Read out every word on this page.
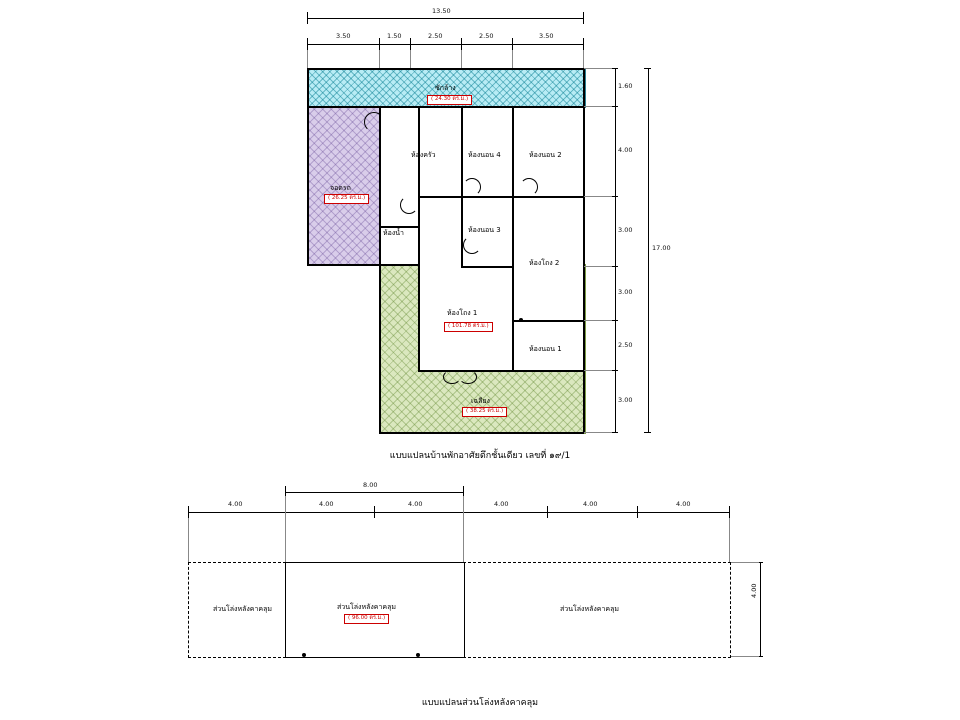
13.50
3.50	1.50	2.50	2.50	3.50
ซักล้าง
( 24.30 ตร.ม.)
จอดรถ
( 26.25 ตร.ม.)
ห้องครัว	ห้องนอน 4	ห้องนอน 2
ห้องน้ำ	ห้องนอน 3
ห้องโถง 2
ห้องโถง 1
( 101.78 ตร.ม.)
ห้องนอน 1
เฉลียง
( 38.25 ตร.ม.)
1.60
4.00
3.00
3.00
2.50
3.00
17.00
แบบแปลนบ้านพักอาศัยตึกชั้นเดียว เลขที่ ๑๙/1
8.00
4.00	4.00	4.00	4.00	4.00	4.00
ส่วนโล่งหลังคาคลุม	ส่วนโล่งหลังคาคลุม
( 96.00 ตร.ม.)
ส่วนโล่งหลังคาคลุม
4.00
แบบแปลนส่วนโล่งหลังคาคลุม
